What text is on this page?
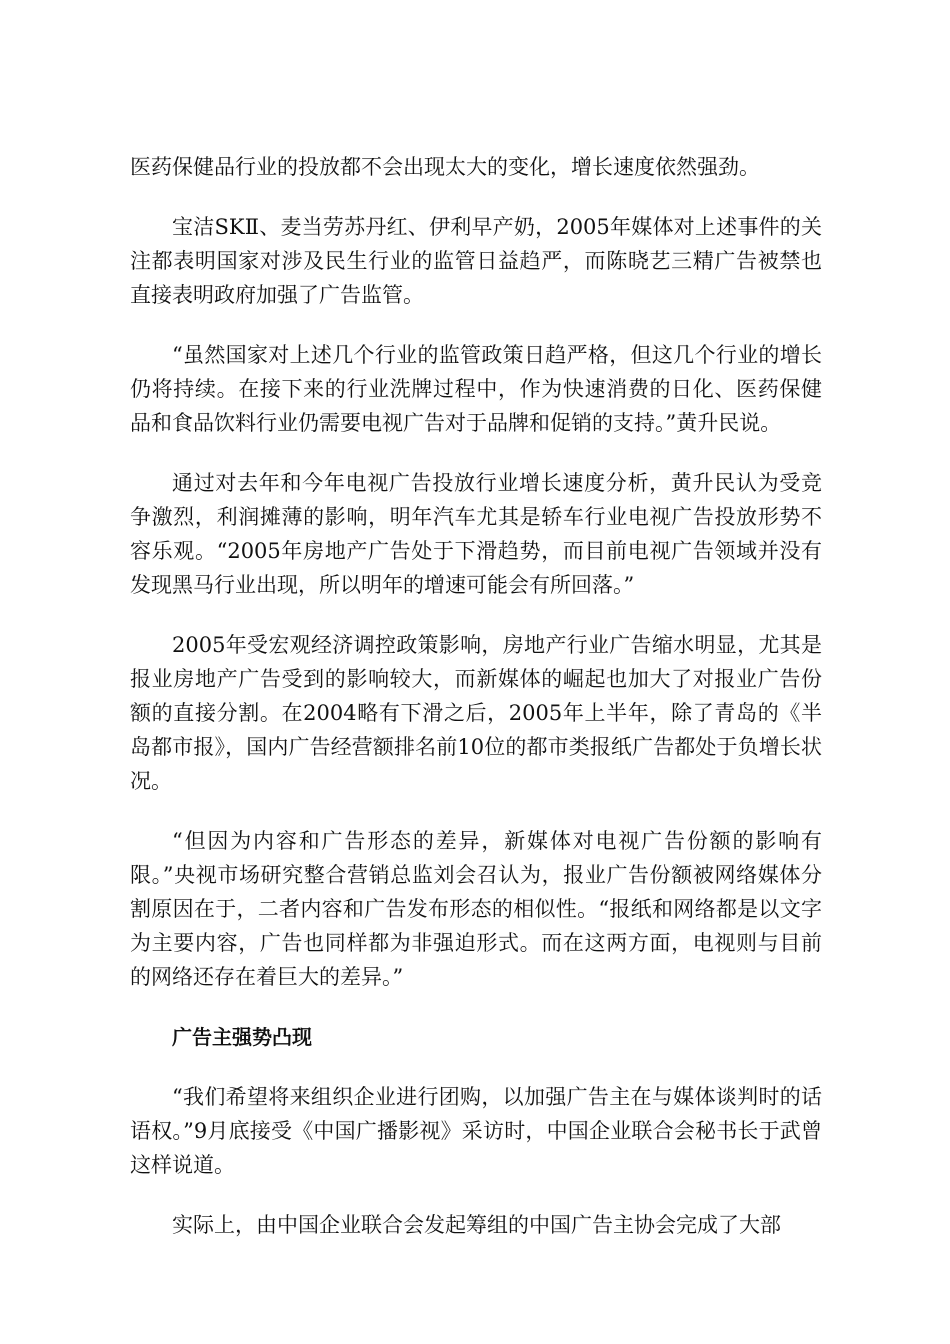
医药保健品行业的投放都不会出现太大的变化，增长速度依然强劲。

宝洁SKⅡ、麦当劳苏丹红、伊利早产奶，2005年媒体对上述事件的关注都表明国家对涉及民生行业的监管日益趋严，而陈晓艺三精广告被禁也直接表明政府加强了广告监管。

“虽然国家对上述几个行业的监管政策日趋严格，但这几个行业的增长仍将持续。在接下来的行业洗牌过程中，作为快速消费的日化、医药保健品和食品饮料行业仍需要电视广告对于品牌和促销的支持。”黄升民说。

通过对去年和今年电视广告投放行业增长速度分析，黄升民认为受竞争激烈，利润摊薄的影响，明年汽车尤其是轿车行业电视广告投放形势不容乐观。“2005年房地产广告处于下滑趋势，而目前电视广告领域并没有发现黑马行业出现，所以明年的增速可能会有所回落。”

2005年受宏观经济调控政策影响，房地产行业广告缩水明显，尤其是报业房地产广告受到的影响较大，而新媒体的崛起也加大了对报业广告份额的直接分割。在2004略有下滑之后，2005年上半年，除了青岛的《半岛都市报》，国内广告经营额排名前10位的都市类报纸广告都处于负增长状况。

“但因为内容和广告形态的差异，新媒体对电视广告份额的影响有限。”央视市场研究整合营销总监刘会召认为，报业广告份额被网络媒体分割原因在于，二者内容和广告发布形态的相似性。“报纸和网络都是以文字为主要内容，广告也同样都为非强迫形式。而在这两方面，电视则与目前的网络还存在着巨大的差异。”

广告主强势凸现

“我们希望将来组织企业进行团购，以加强广告主在与媒体谈判时的话语权。”9月底接受《中国广播影视》采访时，中国企业联合会秘书长于武曾这样说道。

实际上，由中国企业联合会发起筹组的中国广告主协会完成了大部
